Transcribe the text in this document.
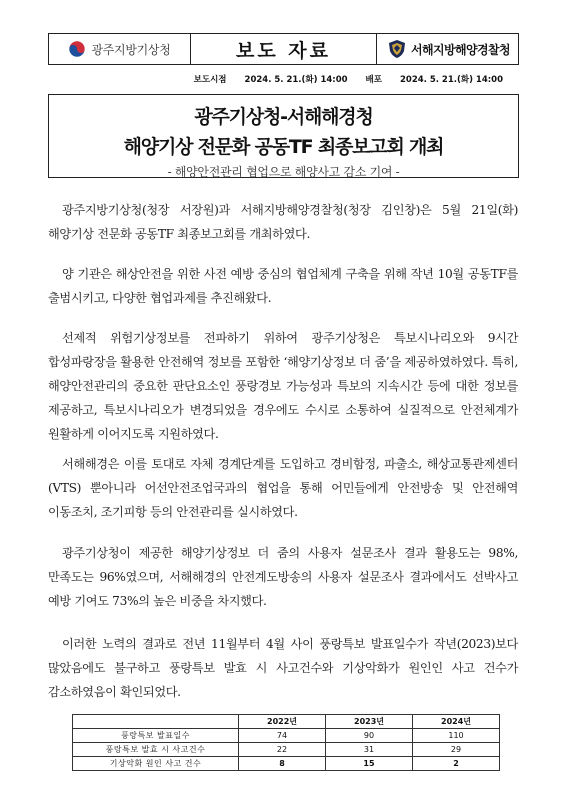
광주지방기상청	보도 자료	서해지방해양경찰청
보도시점 2024. 5. 21.(화) 14:00 배포 2024. 5. 21.(화) 14:00
광주기상청-서해해경청
해양기상 전문화 공동TF 최종보고회 개최
- 해양안전관리 협업으로 해양사고 감소 기여 -

광주지방기상청(청장 서장원)과 서해지방해양경찰청(청장 김인창)은 5월 21일(화) 해양기상 전문화 공동TF 최종보고회를 개최하였다.

양 기관은 해상안전을 위한 사전 예방 중심의 협업체계 구축을 위해 작년 10월 공동TF를 출범시키고, 다양한 협업과제를 추진해왔다.

선제적 위험기상정보를 전파하기 위하여 광주기상청은 특보시나리오와 9시간 합성파랑장을 활용한 안전해역 정보를 포함한 ‘해양기상정보 더 줌’을 제공하였하였다. 특히, 해양안전관리의 중요한 판단요소인 풍랑경보 가능성과 특보의 지속시간 등에 대한 정보를 제공하고, 특보시나리오가 변경되었을 경우에도 수시로 소통하여 실질적으로 안전체계가 원활하게 이어지도록 지원하였다.

서해해경은 이를 토대로 자체 경계단계를 도입하고 경비함정, 파출소, 해상교통관제센터(VTS) 뿐아니라 어선안전조업국과의 협업을 통해 어민들에게 안전방송 및 안전해역 이동조치, 조기피항 등의 안전관리를 실시하였다.

광주기상청이 제공한 해양기상정보 더 줌의 사용자 설문조사 결과 활용도는 98%, 만족도는 96%였으며, 서해해경의 안전계도방송의 사용자 설문조사 결과에서도 선박사고 예방 기여도 73%의 높은 비중을 차지했다.

이러한 노력의 결과로 전년 11월부터 4월 사이 풍랑특보 발표일수가 작년(2023)보다 많았음에도 불구하고 풍랑특보 발효 시 사고건수와 기상악화가 원인인 사고 건수가 감소하였음이 확인되었다.

	2022년	2023년	2024년
풍랑특보 발표일수	74	90	110
풍랑특보 발효 시 사고건수	22	31	29
기상악화 원인 사고 건수	8	15	2
